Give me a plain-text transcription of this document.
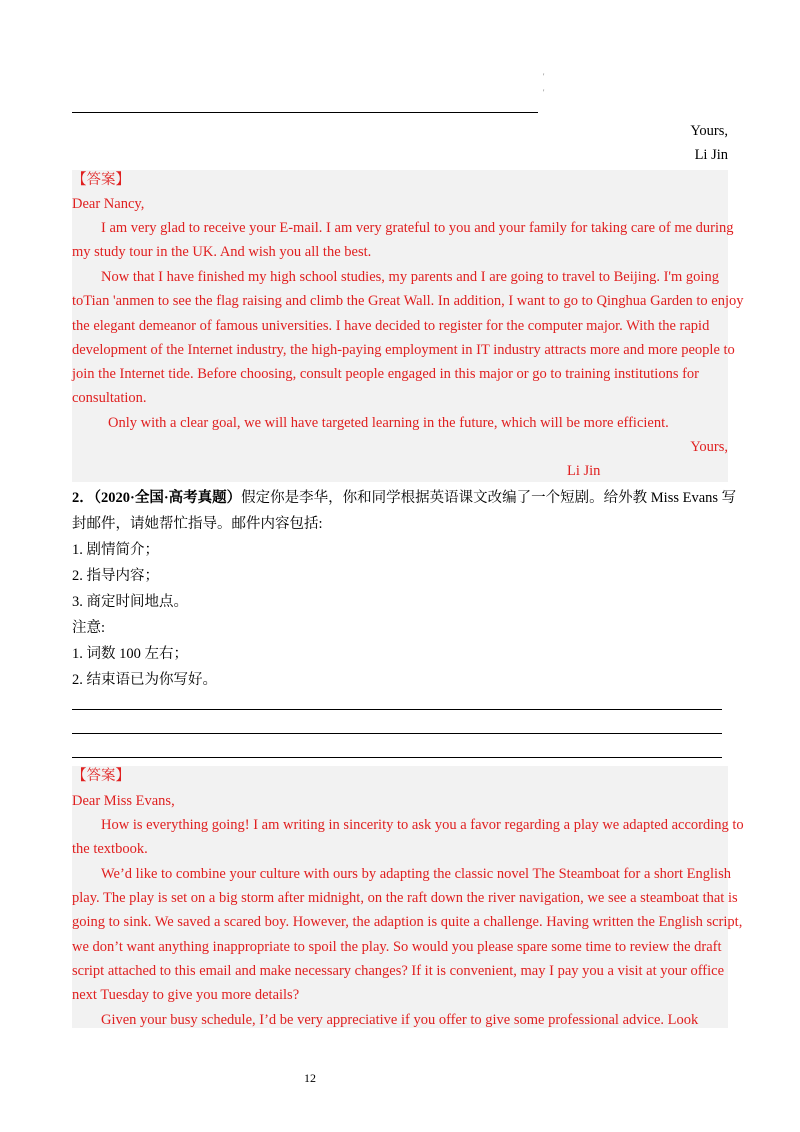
'
'
Yours,
Li Jin
【答案】
Dear Nancy,
I am very glad to receive your E-mail. I am very grateful to you and your family for taking care of me during
my study tour in the UK. And wish you all the best.
Now that I have finished my high school studies, my parents and I are going to travel to Beijing. I'm going
toTian 'anmen to see the flag raising and climb the Great Wall. In addition, I want to go to Qinghua Garden to enjoy
the elegant demeanor of famous universities. I have decided to register for the computer major. With the rapid
development of the Internet industry, the high-paying employment in IT industry attracts more and more people to
join the Internet tide. Before choosing, consult people engaged in this major or go to training institutions for
consultation.
Only with a clear goal, we will have targeted learning in the future, which will be more efficient.
Yours,
Li Jin
2．（2020·全国·高考真题）假定你是李华，你和同学根据英语课文改编了一个短剧。给外教 Miss Evans 写
封邮件，请她帮忙指导。邮件内容包括:
1. 剧情简介；
2. 指导内容；
3. 商定时间地点。
注意:
1. 词数 100 左右；
2. 结束语已为你写好。
【答案】
Dear Miss Evans,
How is everything going! I am writing in sincerity to ask you a favor regarding a play we adapted according to
the textbook.
We’d like to combine your culture with ours by adapting the classic novel The Steamboat for a short English
play. The play is set on a big storm after midnight, on the raft down the river navigation, we see a steamboat that is
going to sink. We saved a scared boy. However, the adaption is quite a challenge. Having written the English script,
we don’t want anything inappropriate to spoil the play. So would you please spare some time to review the draft
script attached to this email and make necessary changes? If it is convenient, may I pay you a visit at your office
next Tuesday to give you more details?
Given your busy schedule, I’d be very appreciative if you offer to give some professional advice. Look
12
